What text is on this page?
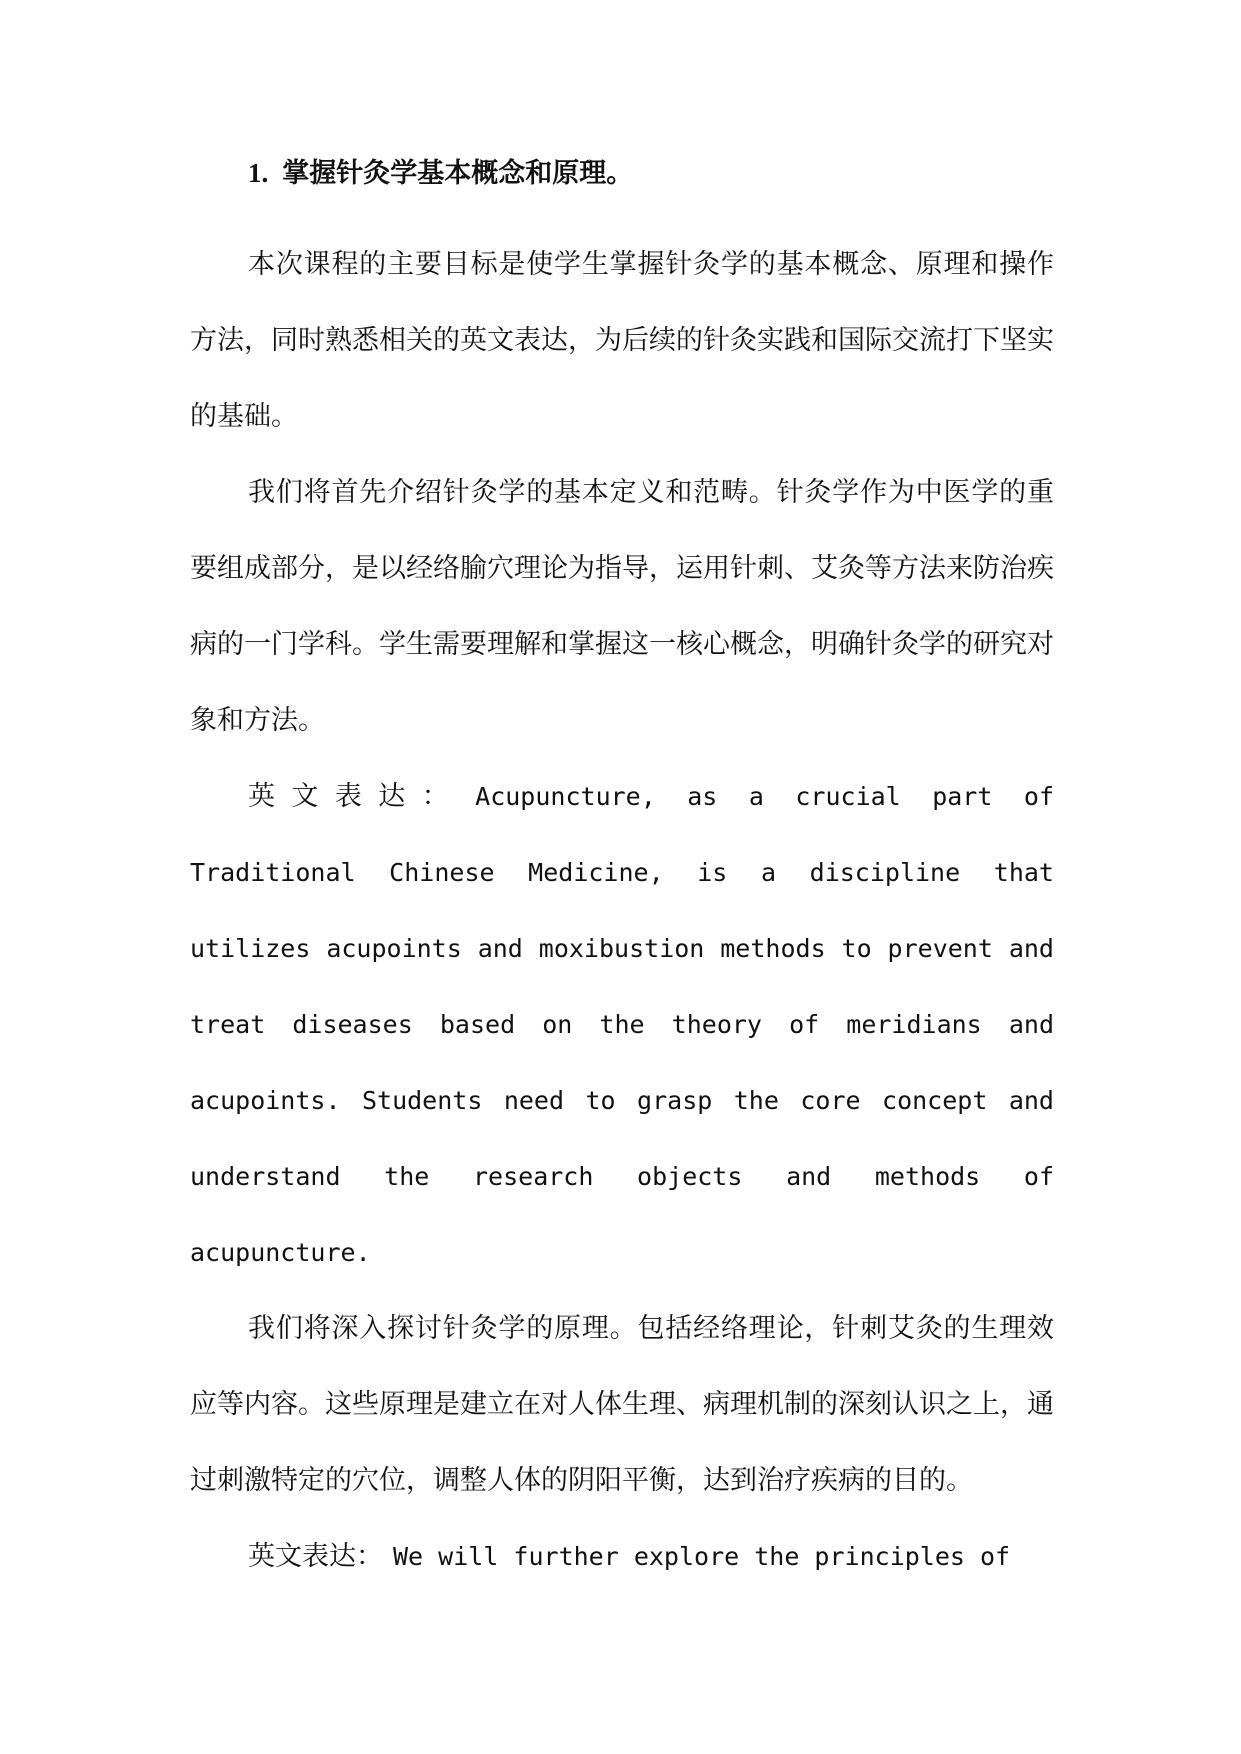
1. 掌握针灸学基本概念和原理。

本次课程的主要目标是使学生掌握针灸学的基本概念、原理和操作方法，同时熟悉相关的英文表达，为后续的针灸实践和国际交流打下坚实的基础。

我们将首先介绍针灸学的基本定义和范畴。针灸学作为中医学的重要组成部分，是以经络腧穴理论为指导，运用针刺、艾灸等方法来防治疾病的一门学科。学生需要理解和掌握这一核心概念，明确针灸学的研究对象和方法。

英文表达： Acupuncture, as a crucial part of Traditional Chinese Medicine, is a discipline that utilizes acupoints and moxibustion methods to prevent and treat diseases based on the theory of meridians and acupoints. Students need to grasp the core concept and understand the research objects and methods of acupuncture.

我们将深入探讨针灸学的原理。包括经络理论，针刺艾灸的生理效应等内容。这些原理是建立在对人体生理、病理机制的深刻认识之上，通过刺激特定的穴位，调整人体的阴阳平衡，达到治疗疾病的目的。

英文表达： We will further explore the principles of
